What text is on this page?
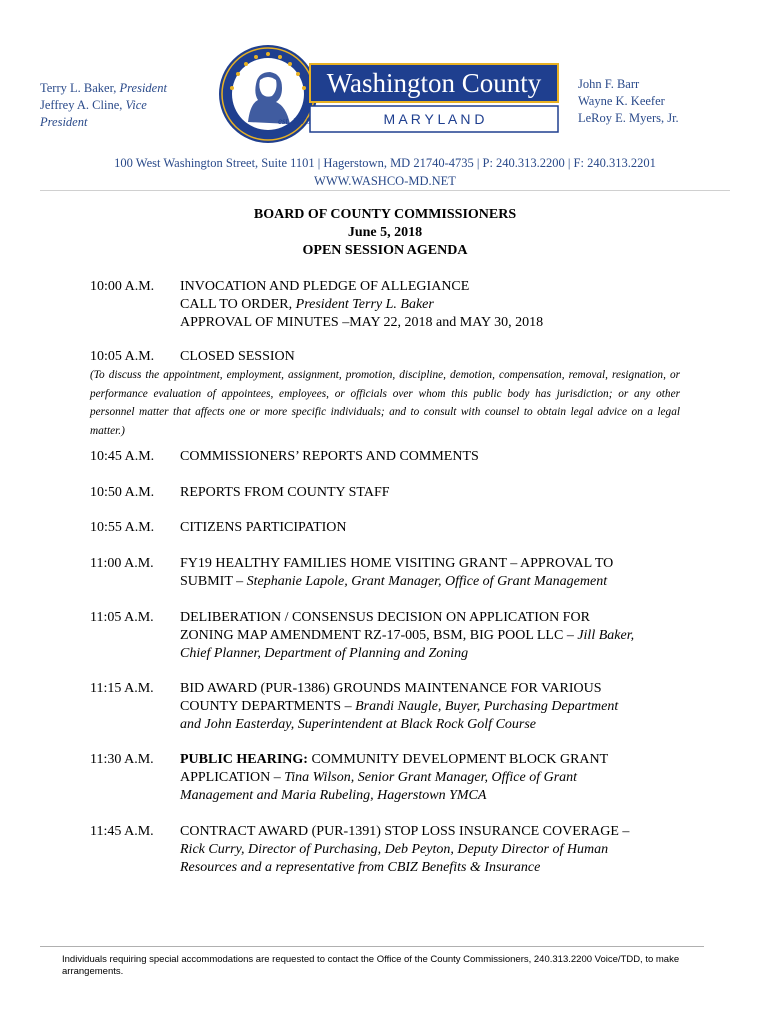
Terry L. Baker, President
Jeffrey A. Cline, Vice
President	est. 1776
Washington County
M A R Y L A N D
John F. Barr
Wayne K. Keefer
LeRoy E. Myers, Jr.
100 West Washington Street, Suite 1101 | Hagerstown, MD 21740-4735 | P: 240.313.2200 | F: 240.313.2201
WWW.WASHCO-MD.NET
BOARD OF COUNTY COMMISSIONERS
June 5, 2018
OPEN SESSION AGENDA
10:00 A.M.	INVOCATION AND PLEDGE OF ALLEGIANCE
CALL TO ORDER, President Terry L. Baker
APPROVAL OF MINUTES –MAY 22, 2018 and MAY 30, 2018
10:05 A.M.	CLOSED SESSION
10:45 A.M.	COMMISSIONERS’ REPORTS AND COMMENTS
10:50 A.M.	REPORTS FROM COUNTY STAFF
10:55 A.M.	CITIZENS PARTICIPATION
11:00 A.M.	FY19 HEALTHY FAMILIES HOME VISITING GRANT – APPROVAL TO
SUBMIT – Stephanie Lapole, Grant Manager, Office of Grant Management
11:05 A.M.	DELIBERATION / CONSENSUS DECISION ON APPLICATION FOR
ZONING MAP AMENDMENT RZ-17-005, BSM, BIG POOL LLC – Jill Baker,
Chief Planner, Department of Planning and Zoning
11:15 A.M.	BID AWARD (PUR-1386) GROUNDS MAINTENANCE FOR VARIOUS
COUNTY DEPARTMENTS – Brandi Naugle, Buyer, Purchasing Department
and John Easterday, Superintendent at Black Rock Golf Course
11:30 A.M.	PUBLIC HEARING: COMMUNITY DEVELOPMENT BLOCK GRANT
APPLICATION – Tina Wilson, Senior Grant Manager, Office of Grant
Management and Maria Rubeling, Hagerstown YMCA
11:45 A.M.	CONTRACT AWARD (PUR-1391) STOP LOSS INSURANCE COVERAGE –
Rick Curry, Director of Purchasing, Deb Peyton, Deputy Director of Human
Resources and a representative from CBIZ Benefits & Insurance
(To discuss the appointment, employment, assignment, promotion, discipline, demotion, compensation, removal, resignation, or performance evaluation of appointees, employees, or officials over whom this public body has jurisdiction; or any other personnel matter that affects one or more specific individuals; and to consult with counsel to obtain legal advice on a legal matter.)
Individuals requiring special accommodations are requested to contact the Office of the County Commissioners, 240.313.2200 Voice/TDD, to make arrangements.
